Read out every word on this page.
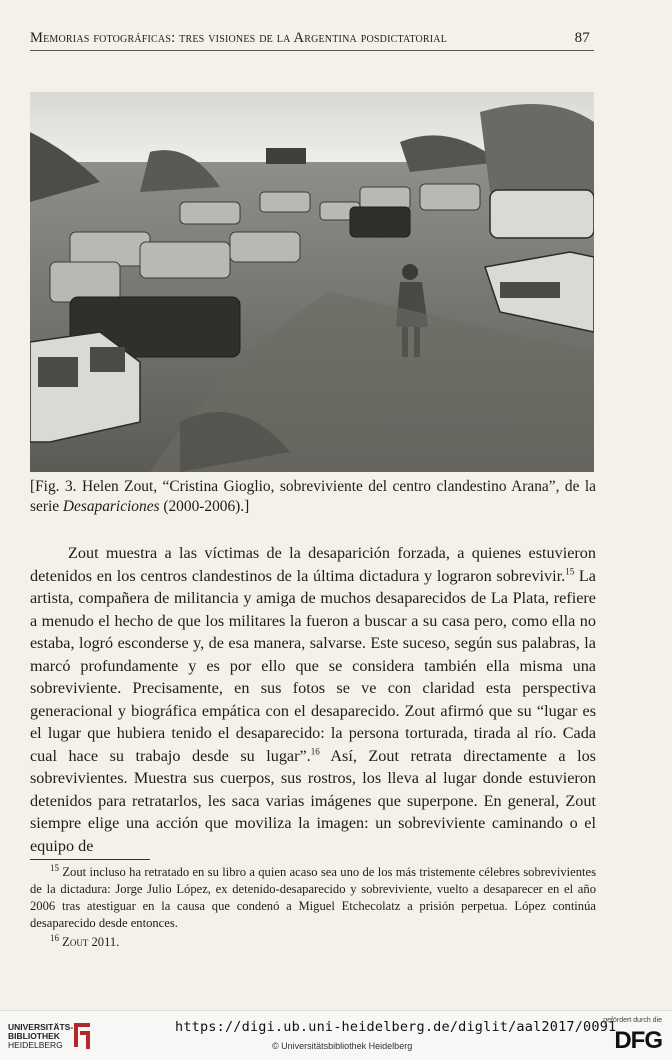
Memorias fotográficas: tres visiones de la Argentina posdictatorial	87
[Fig. 3. Helen Zout, “Cristina Gioglio, sobreviviente del centro clandestino Arana”, de la serie Desapariciones (2000-2006).]

Zout muestra a las víctimas de la desaparición forzada, a quienes estuvieron detenidos en los centros clandestinos de la última dictadura y lograron sobrevivir.$^{15}$ La artista, compañera de militancia y amiga de muchos desaparecidos de La Plata, refiere a menudo el hecho de que los militares la fueron a buscar a su casa pero, como ella no estaba, logró esconderse y, de esa manera, salvarse. Este suceso, según sus palabras, la marcó profundamente y es por ello que se considera también ella misma una sobreviviente. Precisamente, en sus fotos se ve con claridad esta perspectiva generacional y biográfica empática con el desaparecido. Zout afirmó que su “lugar es el lugar que hubiera tenido el desaparecido: la persona torturada, tirada al río. Cada cual hace su trabajo desde su lugar”.$^{16}$ Así, Zout retrata directamente a los sobrevivientes. Muestra sus cuerpos, sus rostros, los lleva al lugar donde estuvieron detenidos para retratarlos, les saca varias imágenes que superpone. En general, Zout siempre elige una acción que moviliza la imagen: un sobreviviente caminando o el equipo de

$^{15}$ Zout incluso ha retratado en su libro a quien acaso sea uno de los más tristemente célebres sobrevivientes de la dictadura: Jorge Julio López, ex detenido-desaparecido y sobreviviente, vuelto a desaparecer en el año 2006 tras atestiguar en la causa que condenó a Miguel Etchecolatz a prisión perpetua. López continúa desaparecido desde entonces.

$^{16}$ Zout 2011.

UNIVERSITÄTS-
BIBLIOTHEK
HEIDELBERG
https://digi.ub.uni-heidelberg.de/diglit/aal2017/0091
© Universitätsbibliothek Heidelberg
gefördert durch die
DFG
